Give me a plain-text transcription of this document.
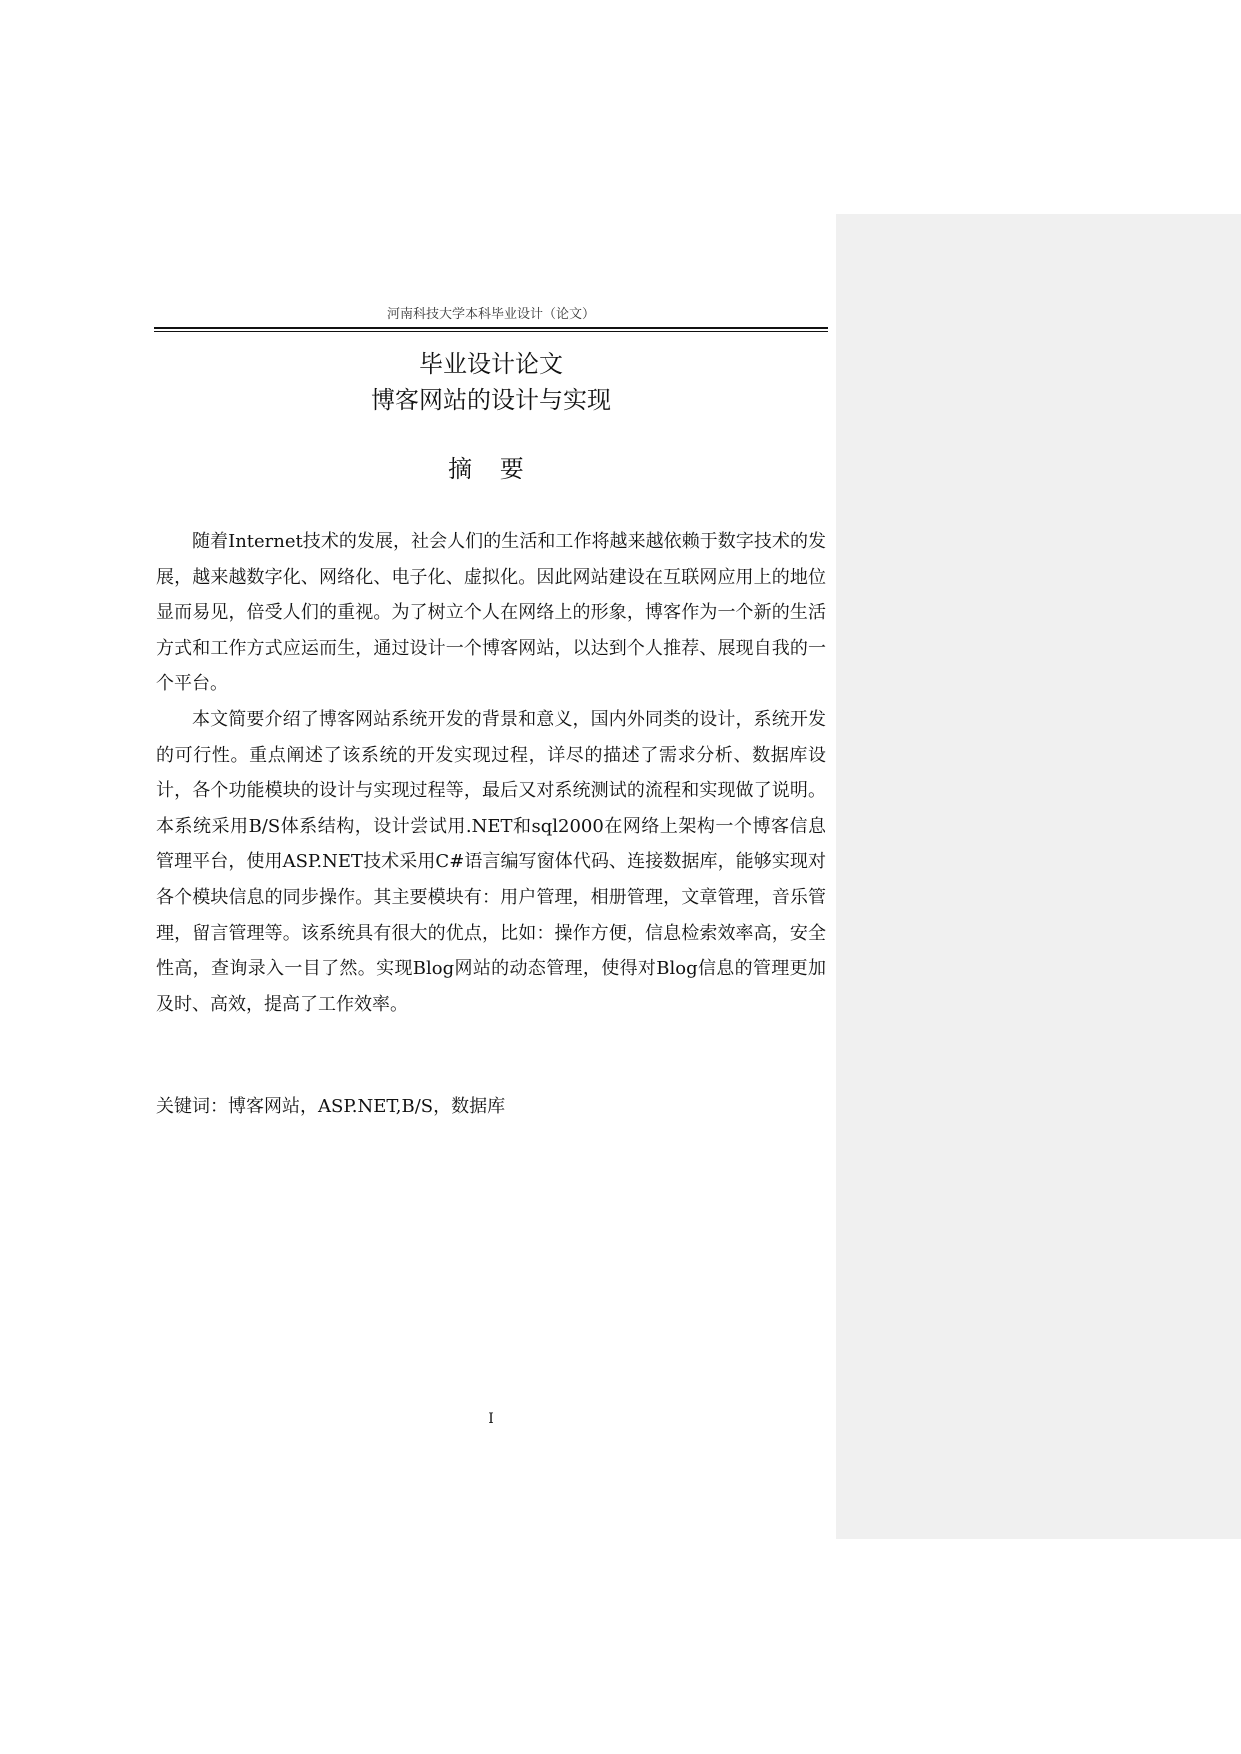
河南科技大学本科毕业设计（论文）
毕业设计论文
博客网站的设计与实现
摘 要

随着Internet技术的发展，社会人们的生活和工作将越来越依赖于数字技术的发展，越来越数字化、网络化、电子化、虚拟化。因此网站建设在互联网应用上的地位显而易见，倍受人们的重视。为了树立个人在网络上的形象，博客作为一个新的生活方式和工作方式应运而生，通过设计一个博客网站，以达到个人推荐、展现自我的一个平台。

本文简要介绍了博客网站系统开发的背景和意义，国内外同类的设计，系统开发的可行性。重点阐述了该系统的开发实现过程，详尽的描述了需求分析、数据库设计，各个功能模块的设计与实现过程等，最后又对系统测试的流程和实现做了说明。本系统采用B/S体系结构，设计尝试用.NET和sql2000在网络上架构一个博客信息管理平台，使用ASP.NET技术采用C#语言编写窗体代码、连接数据库，能够实现对各个模块信息的同步操作。其主要模块有：用户管理，相册管理，文章管理，音乐管理，留言管理等。该系统具有很大的优点，比如：操作方便，信息检索效率高，安全性高，查询录入一目了然。实现Blog网站的动态管理，使得对Blog信息的管理更加及时、高效，提高了工作效率。

关键词：博客网站，ASP.NET,B/S，数据库
I
